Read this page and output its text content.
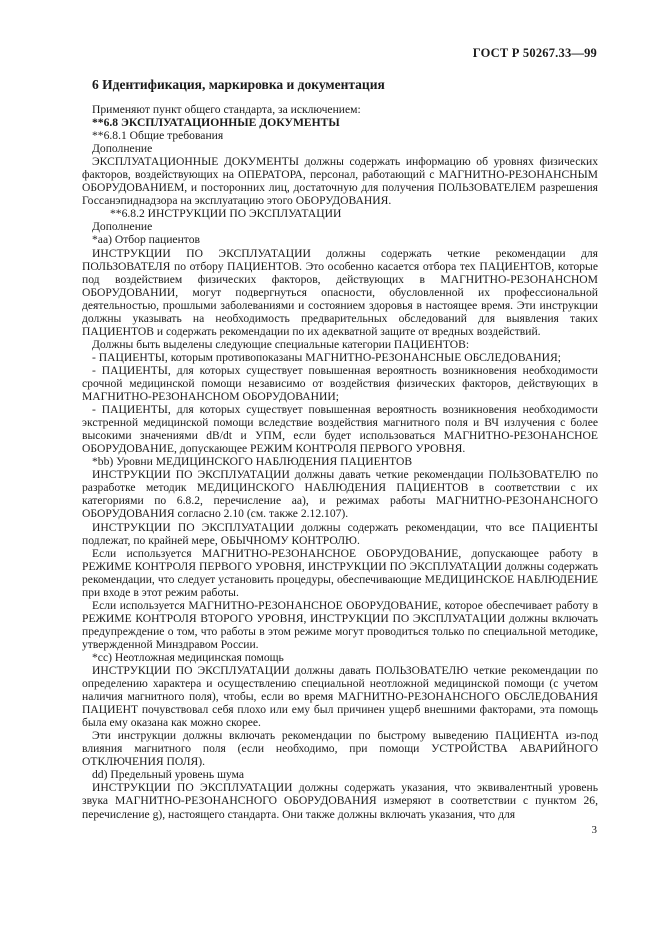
ГОСТ Р 50267.33—99
6 Идентификация, маркировка и документация
Применяют пункт общего стандарта, за исключением:
**6.8 ЭКСПЛУАТАЦИОННЫЕ ДОКУМЕНТЫ
**6.8.1 Общие требования
Дополнение
ЭКСПЛУАТАЦИОННЫЕ ДОКУМЕНТЫ должны содержать информацию об уровнях физических факторов, воздействующих на ОПЕРАТОРА, персонал, работающий с МАГНИТНО-РЕЗОНАНСНЫМ ОБОРУДОВАНИЕМ, и посторонних лиц, достаточную для получения ПОЛЬЗОВАТЕЛЕМ разрешения Госсанэпиднадзора на эксплуатацию этого ОБОРУДОВАНИЯ.
**6.8.2 ИНСТРУКЦИИ ПО ЭКСПЛУАТАЦИИ
Дополнение
*aa) Отбор пациентов
ИНСТРУКЦИИ ПО ЭКСПЛУАТАЦИИ должны содержать четкие рекомендации для ПОЛЬЗОВАТЕЛЯ по отбору ПАЦИЕНТОВ. Это особенно касается отбора тех ПАЦИЕНТОВ, которые под воздействием физических факторов, действующих в МАГНИТНО-РЕЗОНАНСНОМ ОБОРУДОВАНИИ, могут подвергнуться опасности, обусловленной их профессиональной деятельностью, прошлыми заболеваниями и состоянием здоровья в настоящее время. Эти инструкции должны указывать на необходимость предварительных обследований для выявления таких ПАЦИЕНТОВ и содержать рекомендации по их адекватной защите от вредных воздействий.
Должны быть выделены следующие специальные категории ПАЦИЕНТОВ:
- ПАЦИЕНТЫ, которым противопоказаны МАГНИТНО-РЕЗОНАНСНЫЕ ОБСЛЕДОВАНИЯ;
- ПАЦИЕНТЫ, для которых существует повышенная вероятность возникновения необходимости срочной медицинской помощи независимо от воздействия физических факторов, действующих в МАГНИТНО-РЕЗОНАНСНОМ ОБОРУДОВАНИИ;
- ПАЦИЕНТЫ, для которых существует повышенная вероятность возникновения необходимости экстренной медицинской помощи вследствие воздействия магнитного поля и ВЧ излучения с более высокими значениями dB/dt и УПМ, если будет использоваться МАГНИТНО-РЕЗОНАНСНОЕ ОБОРУДОВАНИЕ, допускающее РЕЖИМ КОНТРОЛЯ ПЕРВОГО УРОВНЯ.
*bb) Уровни МЕДИЦИНСКОГО НАБЛЮДЕНИЯ ПАЦИЕНТОВ
ИНСТРУКЦИИ ПО ЭКСПЛУАТАЦИИ должны давать четкие рекомендации ПОЛЬЗОВАТЕЛЮ по разработке методик МЕДИЦИНСКОГО НАБЛЮДЕНИЯ ПАЦИЕНТОВ в соответствии с их категориями по 6.8.2, перечисление аа), и режимах работы МАГНИТНО-РЕЗОНАНСНОГО ОБОРУДОВАНИЯ согласно 2.10 (см. также 2.12.107).
ИНСТРУКЦИИ ПО ЭКСПЛУАТАЦИИ должны содержать рекомендации, что все ПАЦИЕНТЫ подлежат, по крайней мере, ОБЫЧНОМУ КОНТРОЛЮ.
Если используется МАГНИТНО-РЕЗОНАНСНОЕ ОБОРУДОВАНИЕ, допускающее работу в РЕЖИМЕ КОНТРОЛЯ ПЕРВОГО УРОВНЯ, ИНСТРУКЦИИ ПО ЭКСПЛУАТАЦИИ должны содержать рекомендации, что следует установить процедуры, обеспечивающие МЕДИЦИНСКОЕ НАБЛЮДЕНИЕ при входе в этот режим работы.
Если используется МАГНИТНО-РЕЗОНАНСНОЕ ОБОРУДОВАНИЕ, которое обеспечивает работу в РЕЖИМЕ КОНТРОЛЯ ВТОРОГО УРОВНЯ, ИНСТРУКЦИИ ПО ЭКСПЛУАТАЦИИ должны включать предупреждение о том, что работы в этом режиме могут проводиться только по специальной методике, утвержденной Минздравом России.
*cc) Неотложная медицинская помощь
ИНСТРУКЦИИ ПО ЭКСПЛУАТАЦИИ должны давать ПОЛЬЗОВАТЕЛЮ четкие рекомендации по определению характера и осуществлению специальной неотложной медицинской помощи (с учетом наличия магнитного поля), чтобы, если во время МАГНИТНО-РЕЗОНАНСНОГО ОБСЛЕДОВАНИЯ ПАЦИЕНТ почувствовал себя плохо или ему был причинен ущерб внешними факторами, эта помощь была ему оказана как можно скорее.
Эти инструкции должны включать рекомендации по быстрому выведению ПАЦИЕНТА из-под влияния магнитного поля (если необходимо, при помощи УСТРОЙСТВА АВАРИЙНОГО ОТКЛЮЧЕНИЯ ПОЛЯ).
dd) Предельный уровень шума
ИНСТРУКЦИИ ПО ЭКСПЛУАТАЦИИ должны содержать указания, что эквивалентный уровень звука МАГНИТНО-РЕЗОНАНСНОГО ОБОРУДОВАНИЯ измеряют в соответствии с пунктом 26, перечисление g), настоящего стандарта. Они также должны включать указания, что для
3
